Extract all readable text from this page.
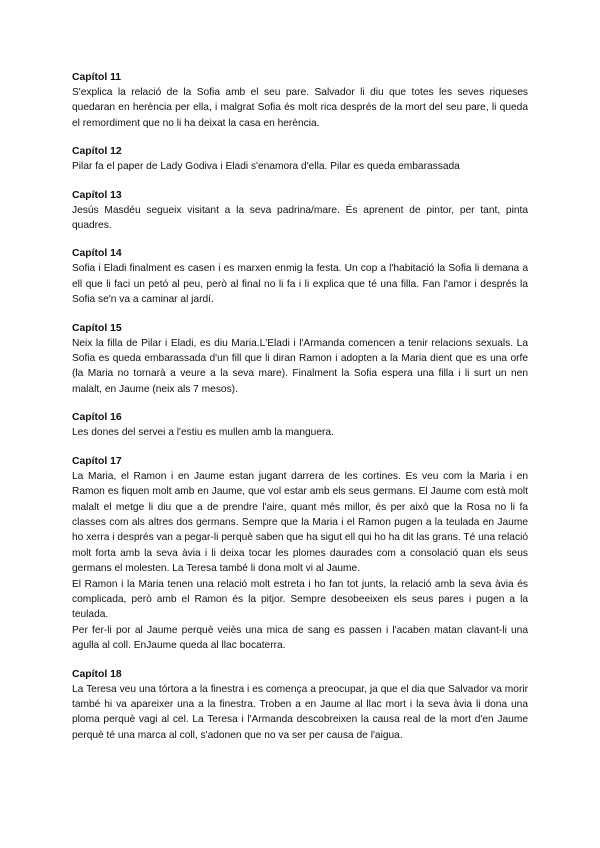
Capítol 11

S'explica la relació de la Sofia amb el seu pare. Salvador li diu que totes les seves riqueses quedaran en herència per ella, i malgrat Sofia és molt rica després de la mort del seu pare, li queda el remordiment que no li ha deixat la casa en herència.

Capítol 12

Pilar fa el paper de Lady Godiva i Eladi s'enamora d'ella. Pilar es queda embarassada

Capítol 13

Jesús Masdéu segueix visitant a la seva padrina/mare. És aprenent de pintor, per tant, pinta quadres.

Capítol 14

Sofia i Eladi finalment es casen i es marxen enmig la festa. Un cop a l'habitació la Sofia li demana a ell que li faci un petó al peu, però al final no li fa i li explica que té una filla. Fan l'amor i després la Sofia se'n va a caminar al jardí.

Capítol 15

Neix la filla de Pilar i Eladi, es diu Maria.L'Eladi i l'Armanda comencen a tenir relacions sexuals. La Sofia es queda embarassada d'un fill que li diran Ramon i adopten a la Maria dient que es una orfe (la Maria no tornarà a veure a la seva mare). Finalment la Sofia espera una filla i li surt un nen malalt, en Jaume (neix als 7 mesos).

Capítol 16

Les dones del servei a l'estiu es mullen amb la manguera.

Capítol 17

La Maria, el Ramon i en Jaume estan jugant darrera de les cortines. Es veu com la Maria i en Ramon es fiquen molt amb en Jaume, que vol estar amb els seus germans. El Jaume com està molt malalt el metge li diu que a de prendre l'aire, quant més millor, és per això que la Rosa no li fa classes com als altres dos germans. Sempre que la Maria i el Ramon pugen a la teulada en Jaume ho xerra i després van a pegar-li perquè saben que ha sigut ell qui ho ha dit las grans. Té una relació molt forta amb la seva àvia i li deixa tocar les plomes daurades com a consolació quan els seus germans el molesten. La Teresa també li dona molt vi al Jaume.

El Ramon i la Maria tenen una relació molt estreta i ho fan tot junts, la relació amb la seva àvia és complicada, però amb el Ramon és la pitjor. Sempre desobeeixen els seus pares i pugen a la teulada.

Per fer-li por al Jaume perquè veiès una mica de sang es passen i l'acaben matan clavant-li una agulla al coll. EnJaume queda al llac bocaterra.

Capítol 18

La Teresa veu una tórtora a la finestra i es comença a preocupar, ja que el dia que Salvador va morir també hi va apareixer una a la finestra. Troben a en Jaume al llac mort i la seva àvia li dona una ploma perquè vagi al cel. La Teresa i l'Armanda descobreixen la causa real de la mort d'en Jaume perquè té una marca al coll, s'adonen que no va ser per causa de l'aigua.
